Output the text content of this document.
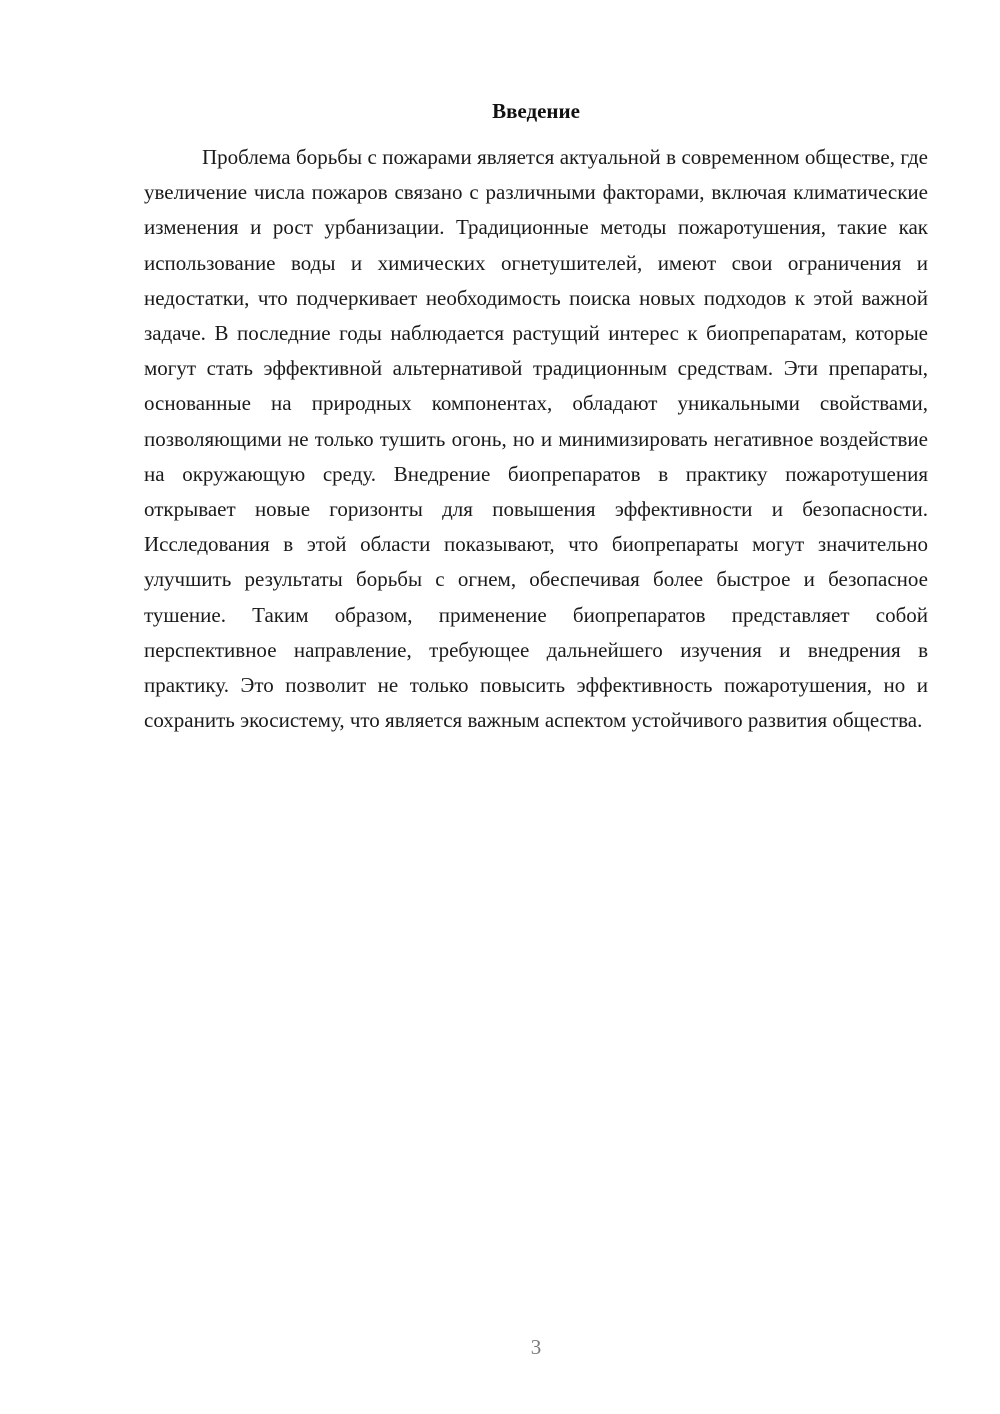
Введение

Проблема борьбы с пожарами является актуальной в современном обществе, где увеличение числа пожаров связано с различными факторами, включая климатические изменения и рост урбанизации. Традиционные методы пожаротушения, такие как использование воды и химических огнетушителей, имеют свои ограничения и недостатки, что подчеркивает необходимость поиска новых подходов к этой важной задаче. В последние годы наблюдается растущий интерес к биопрепаратам, которые могут стать эффективной альтернативой традиционным средствам. Эти препараты, основанные на природных компонентах, обладают уникальными свойствами, позволяющими не только тушить огонь, но и минимизировать негативное воздействие на окружающую среду. Внедрение биопрепаратов в практику пожаротушения открывает новые горизонты для повышения эффективности и безопасности. Исследования в этой области показывают, что биопрепараты могут значительно улучшить результаты борьбы с огнем, обеспечивая более быстрое и безопасное тушение. Таким образом, применение биопрепаратов представляет собой перспективное направление, требующее дальнейшего изучения и внедрения в практику. Это позволит не только повысить эффективность пожаротушения, но и сохранить экосистему, что является важным аспектом устойчивого развития общества.

3
